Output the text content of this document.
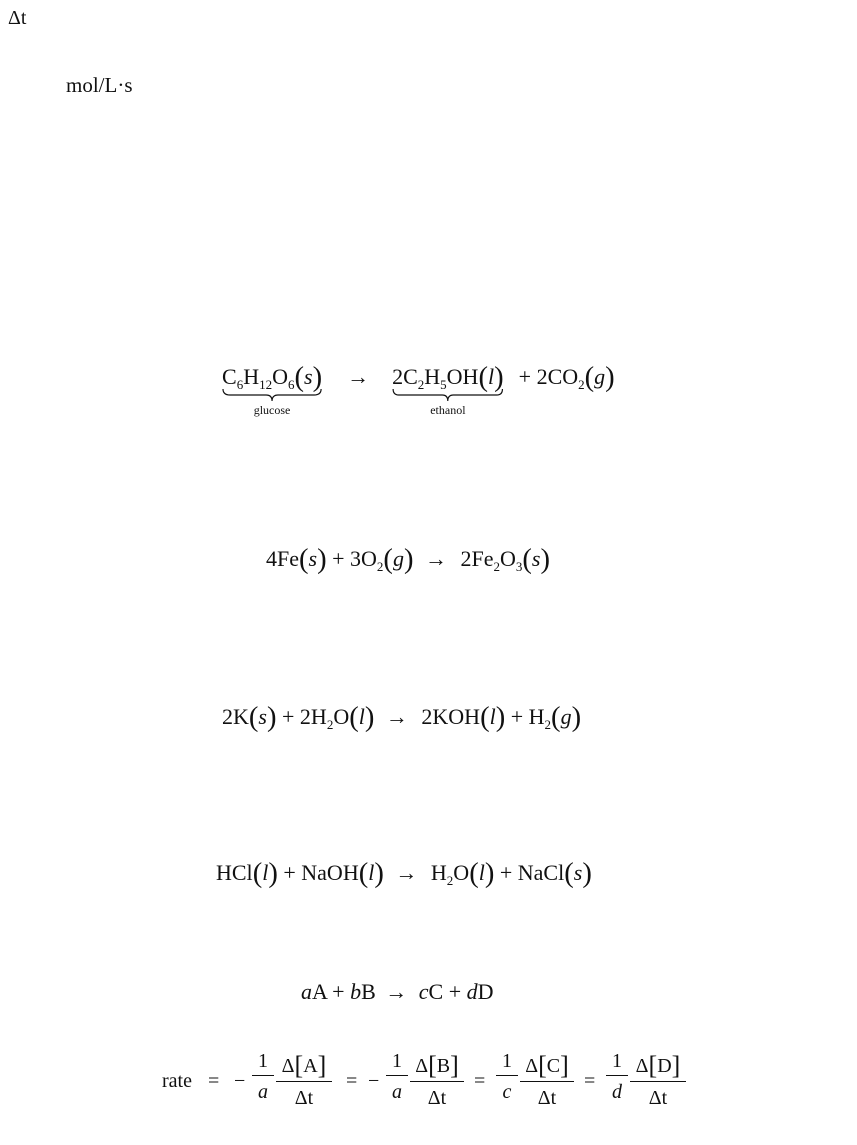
Δt
mol/L·s
$C_6H_{12}O_6(s)$
glucose
→ $2C_2H_5OH(l)$
ethanol
+ $2CO_2(g)$
$4Fe(s) + 3O_2(g) \to 2Fe_2O_3(s)$
$2K(s) + 2H_2O(l) \to 2KOH(l) + H_2(g)$
HCl(l) + NaOH(l) → $H_2O(l)$ + NaCl(s)
aA + bB → cC + dD
rate = −
1
a
Δ[A]
Δt
= −
1
a
Δ[B]
Δt
=
1
c
Δ[C]
Δt
=
1
d
Δ[D]
Δt
